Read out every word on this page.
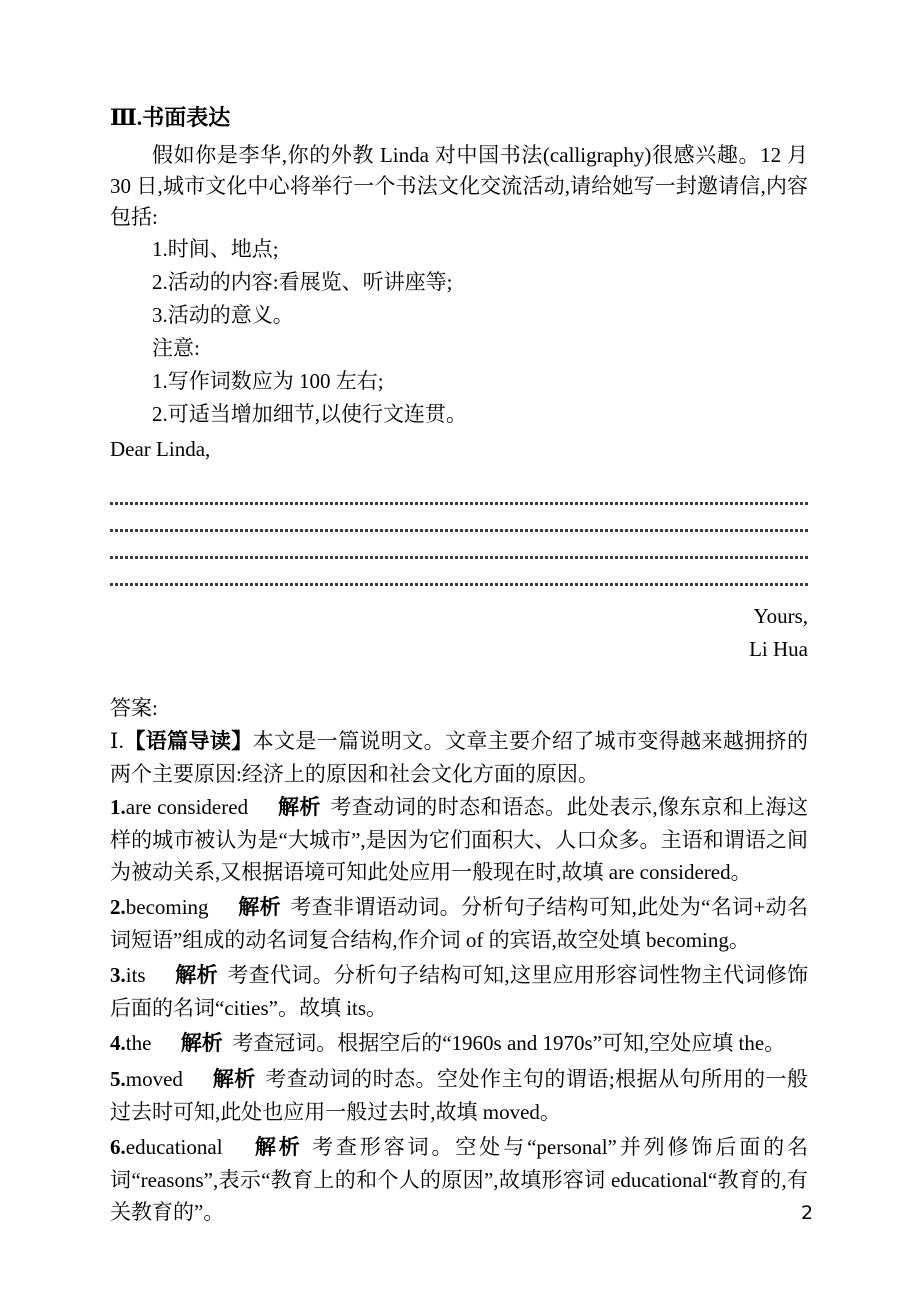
Ⅲ.书面表达

假如你是李华,你的外教 Linda 对中国书法(calligraphy)很感兴趣。12 月 30 日,城市文化中心将举行一个书法文化交流活动,请给她写一封邀请信,内容包括:

1.时间、地点;

2.活动的内容:看展览、听讲座等;

3.活动的意义。

注意:

1.写作词数应为 100 左右;

2.可适当增加细节,以使行文连贯。

Dear Linda,

Yours,

Li Hua

答案:

Ⅰ.【语篇导读】本文是一篇说明文。文章主要介绍了城市变得越来越拥挤的两个主要原因:经济上的原因和社会文化方面的原因。

1.are considered 解析 考查动词的时态和语态。此处表示,像东京和上海这样的城市被认为是“大城市”,是因为它们面积大、人口众多。主语和谓语之间为被动关系,又根据语境可知此处应用一般现在时,故填 are considered。

2.becoming 解析 考查非谓语动词。分析句子结构可知,此处为“名词+动名词短语”组成的动名词复合结构,作介词 of 的宾语,故空处填 becoming。

3.its 解析 考查代词。分析句子结构可知,这里应用形容词性物主代词修饰后面的名词“cities”。故填 its。

4.the 解析 考查冠词。根据空后的“1960s and 1970s”可知,空处应填 the。

5.moved 解析 考查动词的时态。空处作主句的谓语;根据从句所用的一般过去时可知,此处也应用一般过去时,故填 moved。

6.educational 解析 考查形容词。空处与“personal”并列修饰后面的名词“reasons”,表示“教育上的和个人的原因”,故填形容词 educational“教育的,有关教育的”。	2
